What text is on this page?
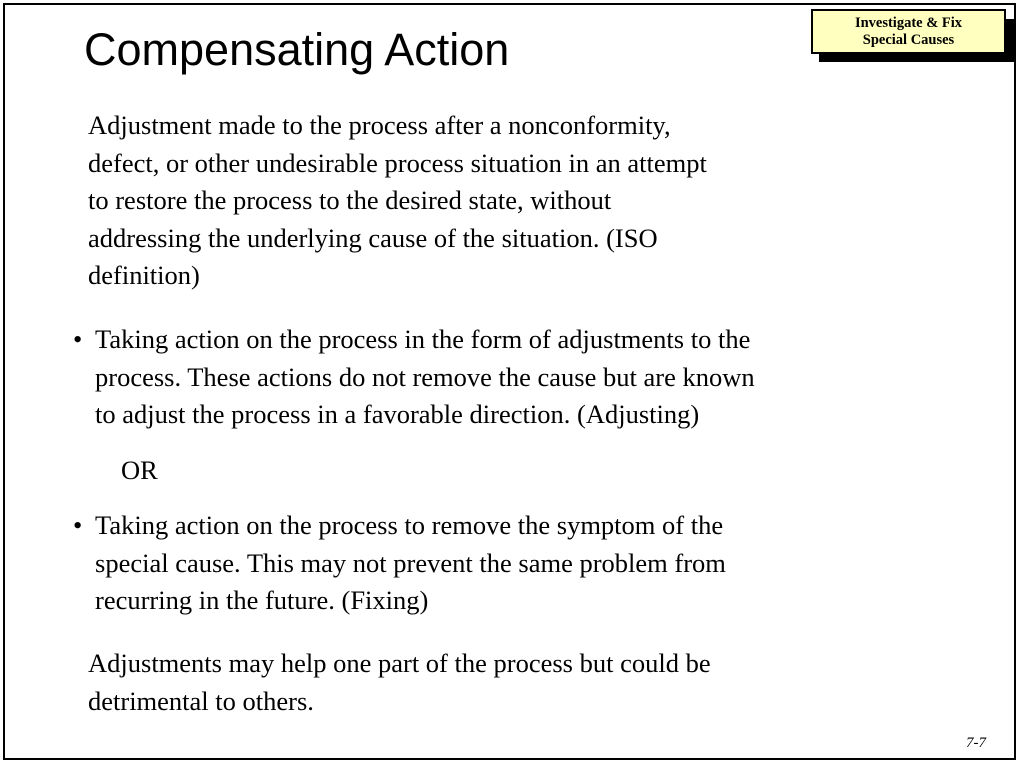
Compensating Action
Investigate & Fix
Special Causes
Adjustment made to the process after a nonconformity,
defect, or other undesirable process situation in an attempt
to restore the process to the desired state, without
addressing the underlying cause of the situation. (ISO
definition)
• Taking action on the process in the form of adjustments to the
process. These actions do not remove the cause but are known
to adjust the process in a favorable direction. (Adjusting)
OR
• Taking action on the process to remove the symptom of the
special cause. This may not prevent the same problem from
recurring in the future. (Fixing)
Adjustments may help one part of the process but could be
detrimental to others.
7-7
